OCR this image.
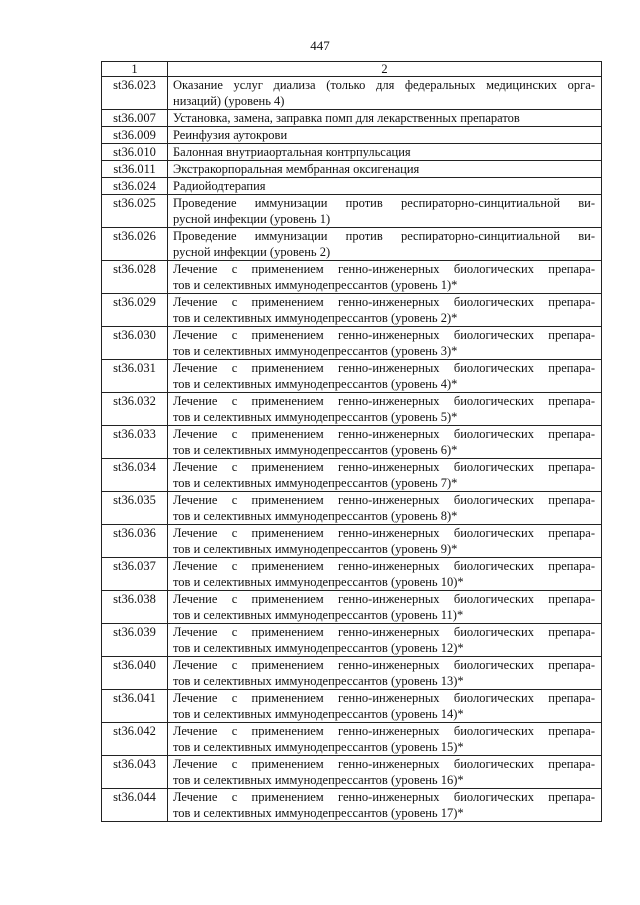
447
1	2
st36.023	Оказание услуг диализа (только для федеральных медицинских орга-
низаций) (уровень 4)

st36.007	Установка, замена, заправка помп для лекарственных препаратов

st36.009	Реинфузия аутокрови

st36.010	Балонная внутриаортальная контрпульсация

st36.011	Экстракорпоральная мембранная оксигенация

st36.024	Радиойодтерапия

st36.025	Проведение иммунизации против респираторно-синцитиальной ви-
русной инфекции (уровень 1)

st36.026	Проведение иммунизации против респираторно-синцитиальной ви-
русной инфекции (уровень 2)

st36.028	Лечение с применением генно-инженерных биологических препара-
тов и селективных иммунодепрессантов (уровень 1)*

st36.029	Лечение с применением генно-инженерных биологических препара-
тов и селективных иммунодепрессантов (уровень 2)*

st36.030	Лечение с применением генно-инженерных биологических препара-
тов и селективных иммунодепрессантов (уровень 3)*

st36.031	Лечение с применением генно-инженерных биологических препара-
тов и селективных иммунодепрессантов (уровень 4)*

st36.032	Лечение с применением генно-инженерных биологических препара-
тов и селективных иммунодепрессантов (уровень 5)*

st36.033	Лечение с применением генно-инженерных биологических препара-
тов и селективных иммунодепрессантов (уровень 6)*

st36.034	Лечение с применением генно-инженерных биологических препара-
тов и селективных иммунодепрессантов (уровень 7)*

st36.035	Лечение с применением генно-инженерных биологических препара-
тов и селективных иммунодепрессантов (уровень 8)*

st36.036	Лечение с применением генно-инженерных биологических препара-
тов и селективных иммунодепрессантов (уровень 9)*

st36.037	Лечение с применением генно-инженерных биологических препара-
тов и селективных иммунодепрессантов (уровень 10)*

st36.038	Лечение с применением генно-инженерных биологических препара-
тов и селективных иммунодепрессантов (уровень 11)*

st36.039	Лечение с применением генно-инженерных биологических препара-
тов и селективных иммунодепрессантов (уровень 12)*

st36.040	Лечение с применением генно-инженерных биологических препара-
тов и селективных иммунодепрессантов (уровень 13)*

st36.041	Лечение с применением генно-инженерных биологических препара-
тов и селективных иммунодепрессантов (уровень 14)*

st36.042	Лечение с применением генно-инженерных биологических препара-
тов и селективных иммунодепрессантов (уровень 15)*

st36.043	Лечение с применением генно-инженерных биологических препара-
тов и селективных иммунодепрессантов (уровень 16)*

st36.044	Лечение с применением генно-инженерных биологических препара-
тов и селективных иммунодепрессантов (уровень 17)*
